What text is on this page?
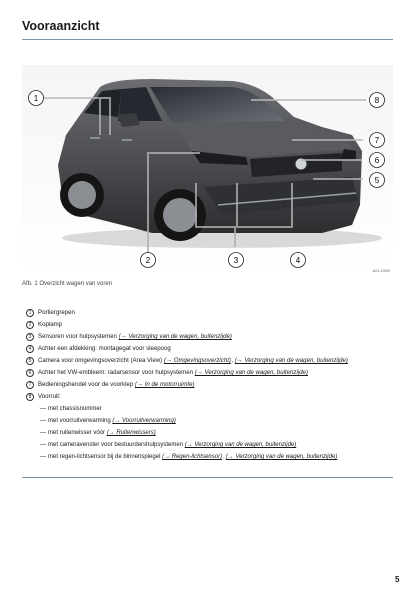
Vooraanzicht
1	8
7
6
5
2	3	4
A21-0269
Afb. 1 Overzicht wagen van voren
1	Portiergrepen
2	Koplamp
3	Sensoren voor hulpsystemen
(→ Verzorging van de wagen, buitenzijde)
4	Achter een afdekking: montagegat voor sleepoog
5	Camera voor omgevingsoverzicht (Area View)
(→ Omgevingsoverzicht) , (→ Verzorging van de wagen, buitenzijde)
6	Achter het VW-embleem: radarsensor voor hulpsystemen
(→ Verzorging van de wagen, buitenzijde)
7	Bedieningshendel voor de voorklep
(→ In de motorruimte)
8	Voorruit:
— met chassisnummer
— met voorruitverwarming
(→ Voorruitverwarming)
— met ruitenwisser vóór
(→ Ruitenwissers)
— met cameravenster voor bestuurdershulpsystemen
(→ Verzorging van de wagen, buitenzijde)
— met regen-lichtsensor bij de binnenspiegel
(→ Regen-lichtsensor) , (→ Verzorging van de wagen, buitenzijde)
5
